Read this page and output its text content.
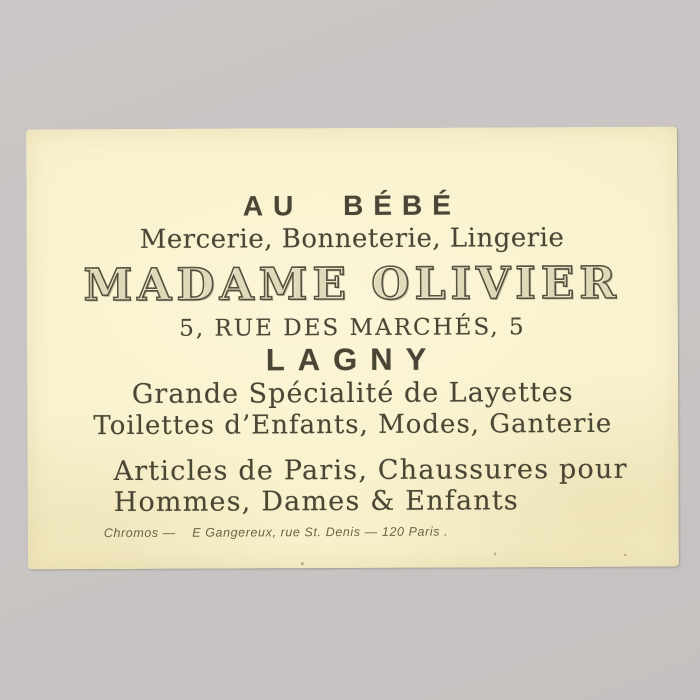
AU BÉBÉ
Mercerie, Bonneterie, Lingerie
MADAME OLIVIER
5, RUE DES MARCHÉS, 5
LAGNY
Grande Spécialité de Layettes
Toilettes d’Enfants, Modes, Ganterie
Articles de Paris, Chaussures pour
Hommes, Dames & Enfants
Chromos —    E Gangereux, rue St. Denis — 120 Paris .
